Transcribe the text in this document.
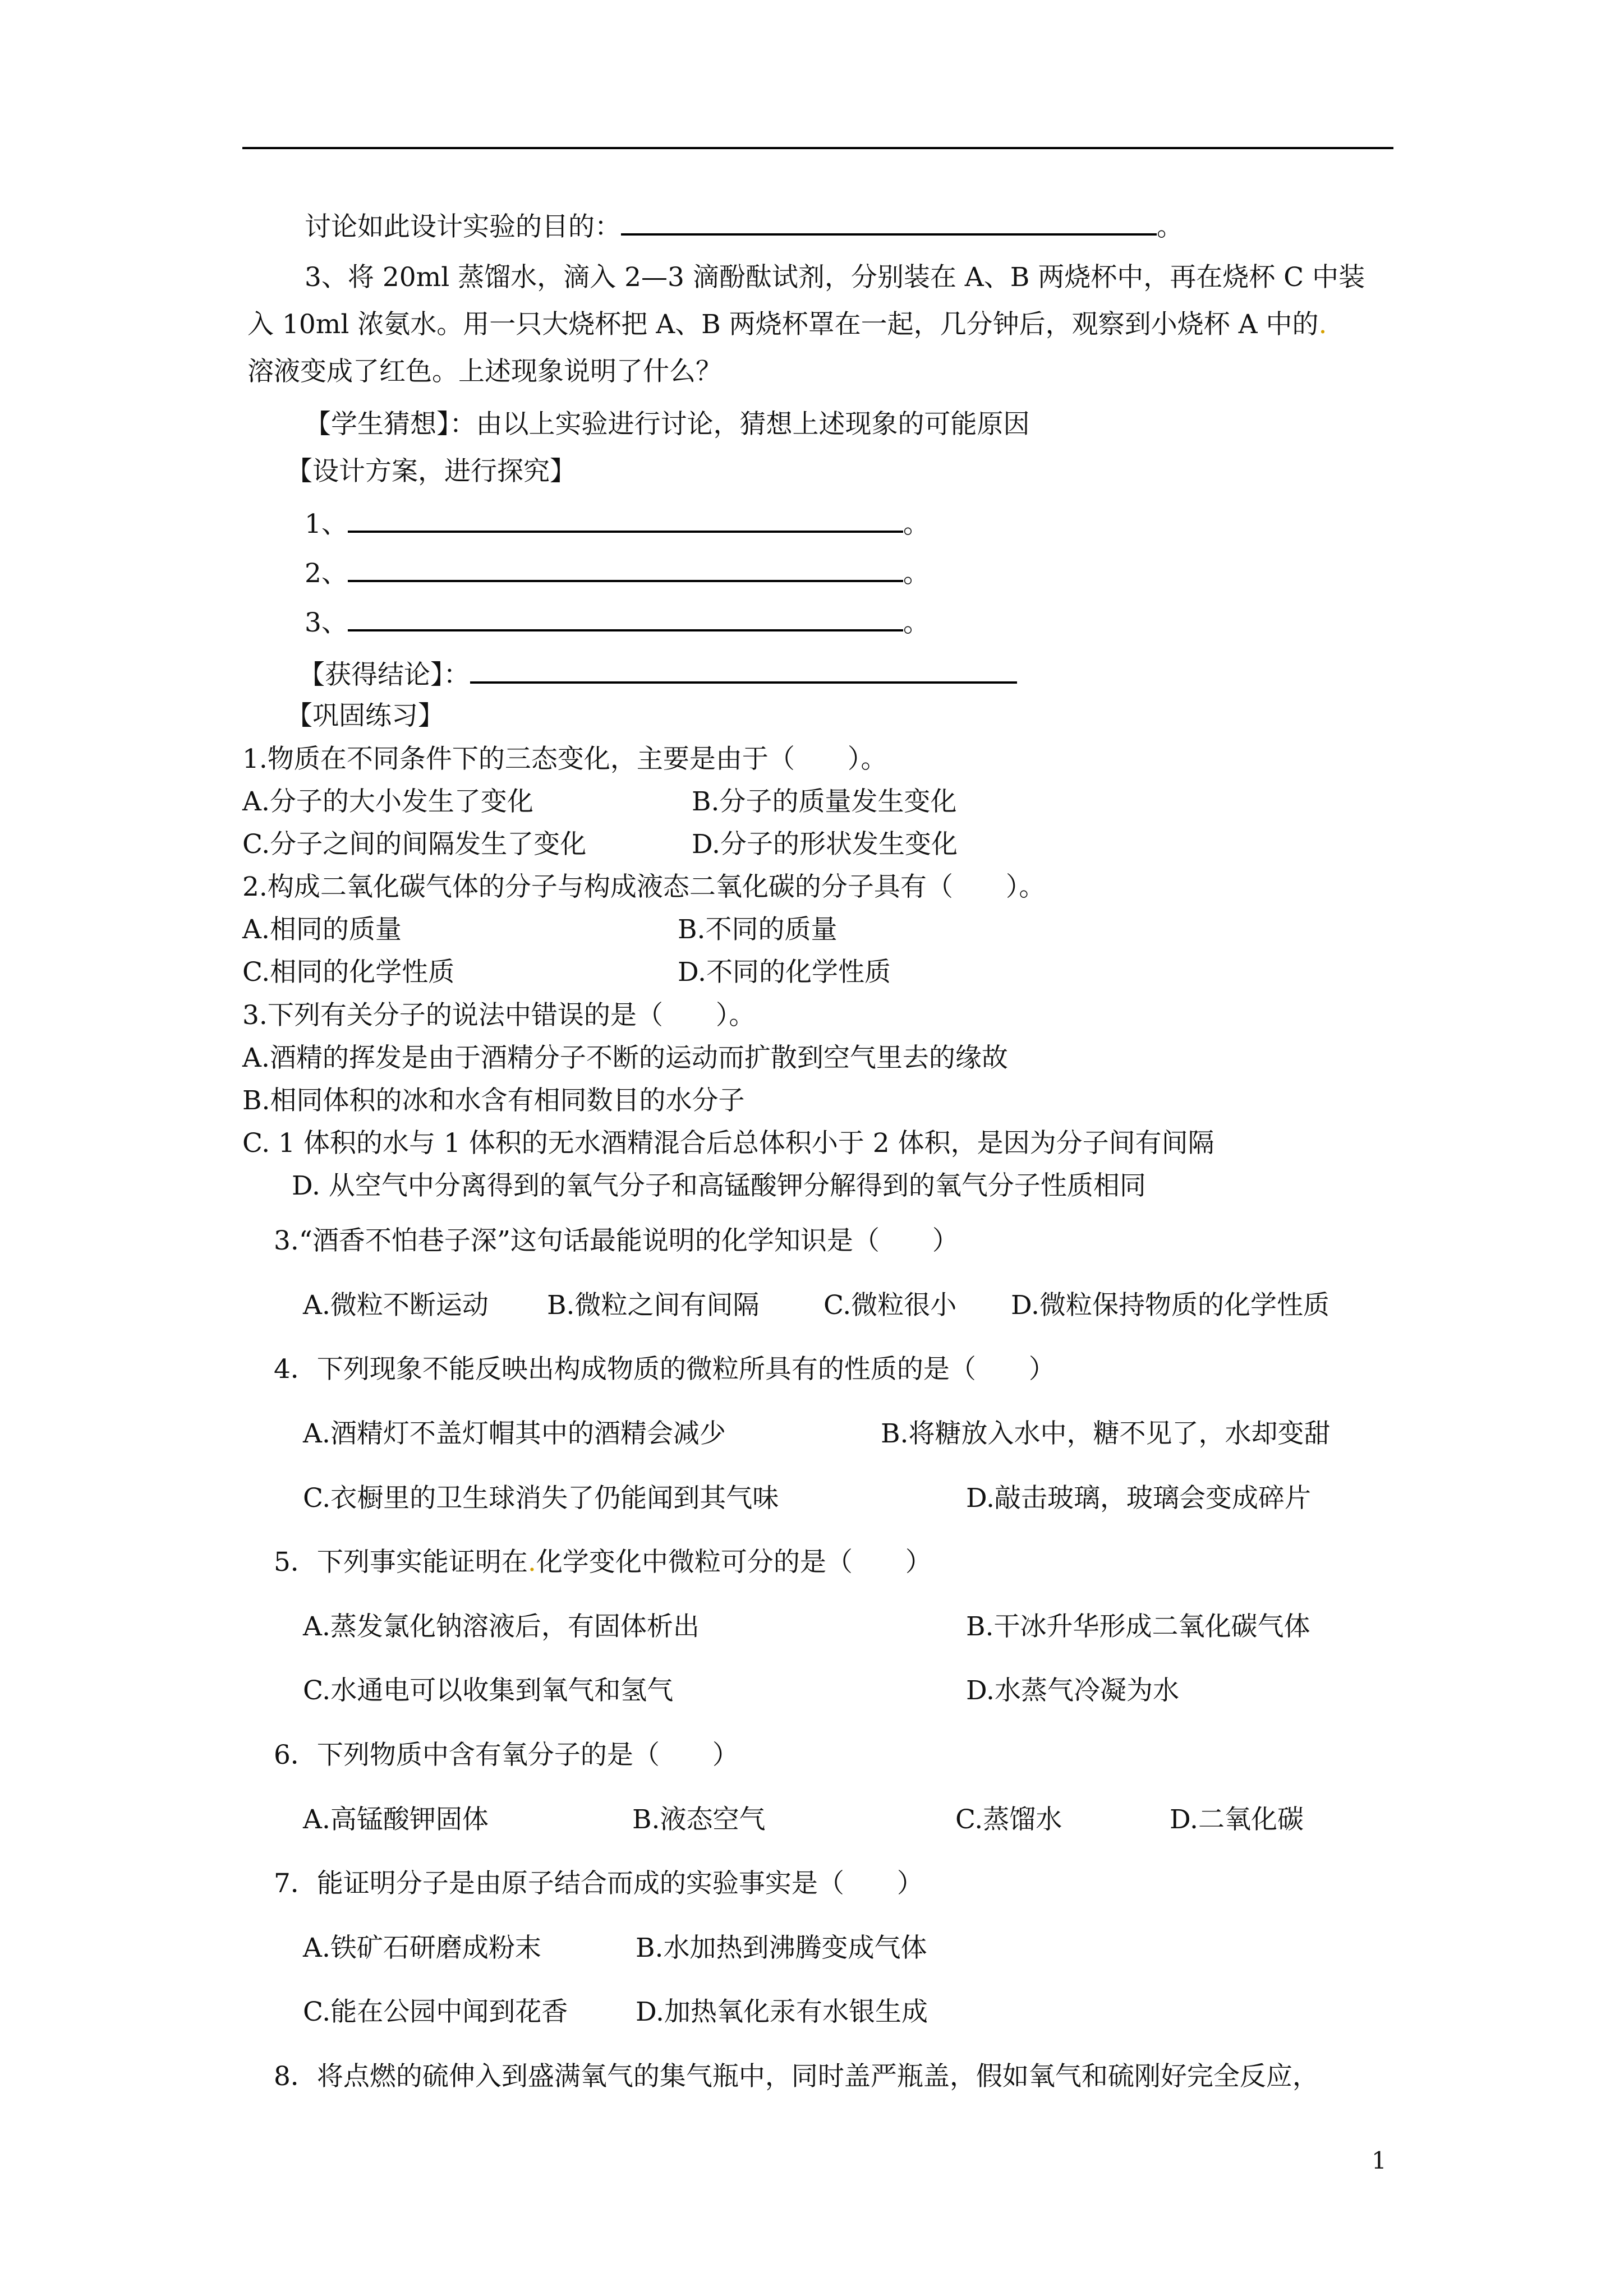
讨论如此设计实验的目的：	。
3、将 20ml 蒸馏水，滴入 2—3 滴酚酞试剂，分别装在 A、B 两烧杯中，再在烧杯 C 中装
入 10ml 浓氨水。用一只大烧杯把 A、B 两烧杯罩在一起，几分钟后，观察到小烧杯 A 中的.
溶液变成了红色。上述现象说明了什么？
【学生猜想】：由以上实验进行讨论，猜想上述现象的可能原因
【设计方案，进行探究】
1、	。
2、	。
3、	。
【获得结论】：
【巩固练习】
1.物质在不同条件下的三态变化，主要是由于（　　）。
A.分子的大小发生了变化	B.分子的质量发生变化
C.分子之间的间隔发生了变化	D.分子的形状发生变化
2.构成二氧化碳气体的分子与构成液态二氧化碳的分子具有（　　）。
A.相同的质量	B.不同的质量
C.相同的化学性质	D.不同的化学性质
3.下列有关分子的说法中错误的是（　　）。
A.酒精的挥发是由于酒精分子不断的运动而扩散到空气里去的缘故
B.相同体积的冰和水含有相同数目的水分子
C. 1 体积的水与 1 体积的无水酒精混合后总体积小于 2 体积，是因为分子间有间隔
D. 从空气中分离得到的氧气分子和高锰酸钾分解得到的氧气分子性质相同
3.“酒香不怕巷子深”这句话最能说明的化学知识是（　　）
A.微粒不断运动 B.微粒之间有间隔 C.微粒很小 D.微粒保持物质的化学性质
4．下列现象不能反映出构成物质的微粒所具有的性质的是（　　）
A.酒精灯不盖灯帽其中的酒精会减少	B.将糖放入水中，糖不见了，水却变甜
C.衣橱里的卫生球消失了仍能闻到其气味	D.敲击玻璃，玻璃会变成碎片
5．下列事实能证明在.化学变化中微粒可分的是（　　）
A.蒸发氯化钠溶液后，有固体析出	B.干冰升华形成二氧化碳气体
C.水通电可以收集到氧气和氢气	D.水蒸气冷凝为水
6．下列物质中含有氧分子的是（　　）
A.高锰酸钾固体	B.液态空气	C.蒸馏水	D.二氧化碳
7．能证明分子是由原子结合而成的实验事实是（　　）
A.铁矿石研磨成粉末	B.水加热到沸腾变成气体
C.能在公园中闻到花香	D.加热氧化汞有水银生成
8．将点燃的硫伸入到盛满氧气的集气瓶中，同时盖严瓶盖，假如氧气和硫刚好完全反应，
1
